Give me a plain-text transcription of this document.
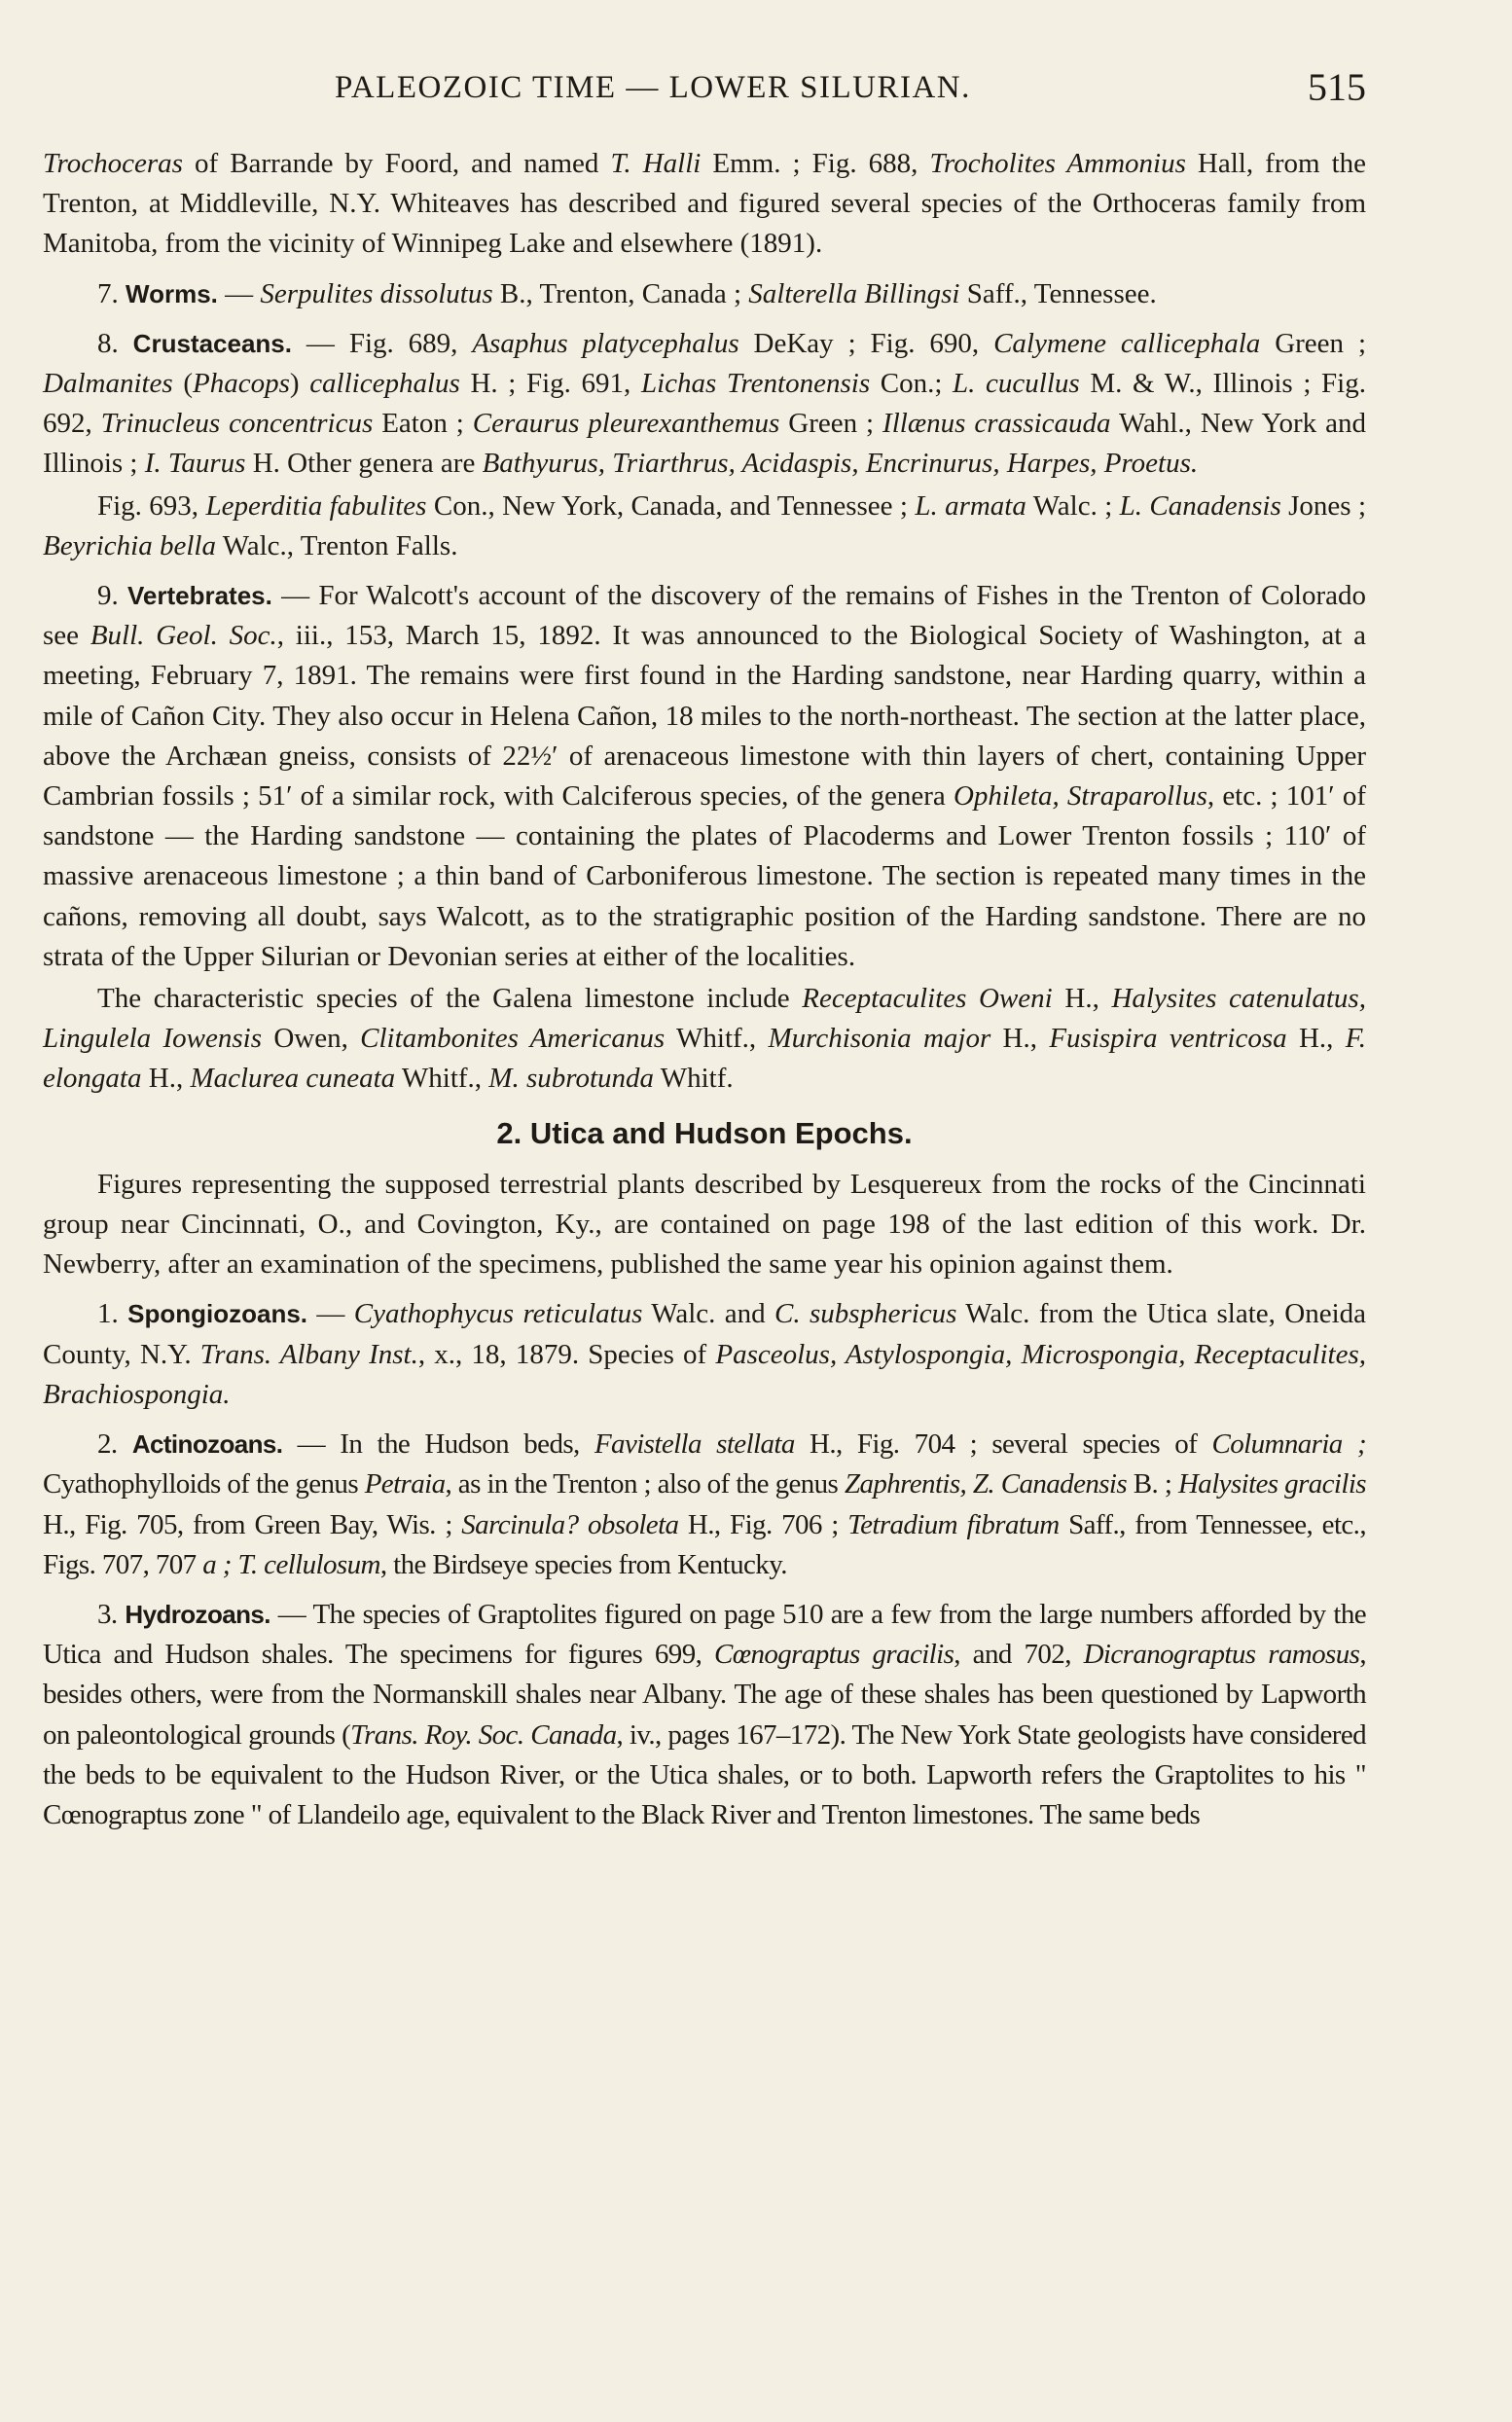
PALEOZOIC TIME — LOWER SILURIAN.	515

Trochoceras of Barrande by Foord, and named T. Halli Emm. ; Fig. 688, Trocholites Ammonius Hall, from the Trenton, at Middleville, N.Y. Whiteaves has described and figured several species of the Orthoceras family from Manitoba, from the vicinity of Winnipeg Lake and elsewhere (1891).

7. Worms. — Serpulites dissolutus B., Trenton, Canada ; Salterella Billingsi Saff., Tennessee.

8. Crustaceans. — Fig. 689, Asaphus platycephalus DeKay ; Fig. 690, Calymene callicephala Green ; Dalmanites (Phacops) callicephalus H. ; Fig. 691, Lichas Trentonensis Con.; L. cucullus M. & W., Illinois ; Fig. 692, Trinucleus concentricus Eaton ; Ceraurus pleurexanthemus Green ; Illænus crassicauda Wahl., New York and Illinois ; I. Taurus H. Other genera are Bathyurus, Triarthrus, Acidaspis, Encrinurus, Harpes, Proetus.

Fig. 693, Leperditia fabulites Con., New York, Canada, and Tennessee ; L. armata Walc. ; L. Canadensis Jones ; Beyrichia bella Walc., Trenton Falls.

9. Vertebrates. — For Walcott's account of the discovery of the remains of Fishes in the Trenton of Colorado see Bull. Geol. Soc., iii., 153, March 15, 1892. It was announced to the Biological Society of Washington, at a meeting, February 7, 1891. The remains were first found in the Harding sandstone, near Harding quarry, within a mile of Cañon City. They also occur in Helena Cañon, 18 miles to the north-northeast. The section at the latter place, above the Archæan gneiss, consists of 22½′ of arenaceous limestone with thin layers of chert, containing Upper Cambrian fossils ; 51′ of a similar rock, with Calciferous species, of the genera Ophileta, Straparollus, etc. ; 101′ of sandstone — the Harding sandstone — containing the plates of Placoderms and Lower Trenton fossils ; 110′ of massive arenaceous limestone ; a thin band of Carboniferous limestone. The section is repeated many times in the cañons, removing all doubt, says Walcott, as to the stratigraphic position of the Harding sandstone. There are no strata of the Upper Silurian or Devonian series at either of the localities.

The characteristic species of the Galena limestone include Receptaculites Oweni H., Halysites catenulatus, Lingulela Iowensis Owen, Clitambonites Americanus Whitf., Murchisonia major H., Fusispira ventricosa H., F. elongata H., Maclurea cuneata Whitf., M. subrotunda Whitf.

2. Utica and Hudson Epochs.

Figures representing the supposed terrestrial plants described by Lesquereux from the rocks of the Cincinnati group near Cincinnati, O., and Covington, Ky., are contained on page 198 of the last edition of this work. Dr. Newberry, after an examination of the specimens, published the same year his opinion against them.

1. Spongiozoans. — Cyathophycus reticulatus Walc. and C. subsphericus Walc. from the Utica slate, Oneida County, N.Y. Trans. Albany Inst., x., 18, 1879. Species of Pasceolus, Astylospongia, Microspongia, Receptaculites, Brachiospongia.

2. Actinozoans. — In the Hudson beds, Favistella stellata H., Fig. 704 ; several species of Columnaria ; Cyathophylloids of the genus Petraia, as in the Trenton ; also of the genus Zaphrentis, Z. Canadensis B. ; Halysites gracilis H., Fig. 705, from Green Bay, Wis. ; Sarcinula? obsoleta H., Fig. 706 ; Tetradium fibratum Saff., from Tennessee, etc., Figs. 707, 707 a ; T. cellulosum, the Birdseye species from Kentucky.

3. Hydrozoans. — The species of Graptolites figured on page 510 are a few from the large numbers afforded by the Utica and Hudson shales. The specimens for figures 699, Cœnograptus gracilis, and 702, Dicranograptus ramosus, besides others, were from the Normanskill shales near Albany. The age of these shales has been questioned by Lapworth on paleontological grounds (Trans. Roy. Soc. Canada, iv., pages 167–172). The New York State geologists have considered the beds to be equivalent to the Hudson River, or the Utica shales, or to both. Lapworth refers the Graptolites to his " Cœnograptus zone " of Llandeilo age, equivalent to the Black River and Trenton limestones. The same beds
